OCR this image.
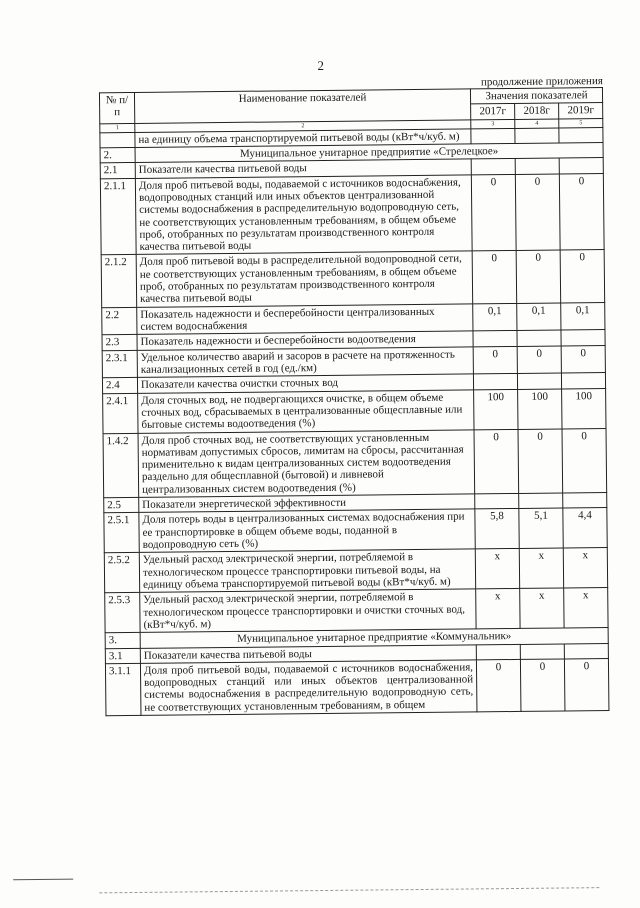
2
продолжение приложения
№ п/п	Наименование показателей	Значения показателей		
		2017г	2018г	2019г
1	2	3	4	5
	на единицу объема транспортируемой питьевой воды (кВт*ч/куб. м)			
2.	Муниципальное унитарное предприятие «Стрелецкое»			
2.1	Показатели качества питьевой воды			
2.1.1	Доля проб питьевой воды, подаваемой с источников водоснабжения, водопроводных станций или иных объектов централизованной системы водоснабжения в распределительную водопроводную сеть, не соответствующих установленным требованиям, в общем объеме проб, отобранных по результатам производственного контроля качества питьевой воды	0	0	0
2.1.2	Доля проб питьевой воды в распределительной водопроводной сети, не соответствующих установленным требованиям, в общем объеме проб, отобранных по результатам производственного контроля качества питьевой воды	0	0	0
2.2	Показатель надежности и бесперебойности централизованных систем водоснабжения	0,1	0,1	0,1
2.3	Показатель надежности и бесперебойности водоотведения			
2.3.1	Удельное количество аварий и засоров в расчете на протяженность канализационных сетей в год (ед./км)	0	0	0
2.4	Показатели качества очистки сточных вод			
2.4.1	Доля сточных вод, не подвергающихся очистке, в общем объеме сточных вод, сбрасываемых в централизованные общесплавные или бытовые системы водоотведения (%)	100	100	100
1.4.2	Доля проб сточных вод, не соответствующих установленным нормативам допустимых сбросов, лимитам на сбросы, рассчитанная применительно к видам централизованных систем водоотведения раздельно для общесплавной (бытовой) и ливневой централизованных систем водоотведения (%)	0	0	0
2.5	Показатели энергетической эффективности			
2.5.1	Доля потерь воды в централизованных системах водоснабжения при ее транспортировке в общем объеме воды, поданной в водопроводную сеть (%)	5,8	5,1	4,4
2.5.2	Удельный расход электрической энергии, потребляемой в технологическом процессе транспортировки питьевой воды, на единицу объема транспортируемой питьевой воды (кВт*ч/куб. м)	х	х	х
2.5.3	Удельный расход электрической энергии, потребляемой в технологическом процессе транспортировки и очистки сточных вод, (кВт*ч/куб. м)	х	х	х
3.	Муниципальное унитарное предприятие «Коммунальник»			
3.1	Показатели качества питьевой воды			
3.1.1	Доля проб питьевой воды, подаваемой с источников водоснабжения, водопроводных станций или иных объектов централизованной системы водоснабжения в распределительную водопроводную сеть, не соответствующих установленным требованиям, в общем	0	0	0
